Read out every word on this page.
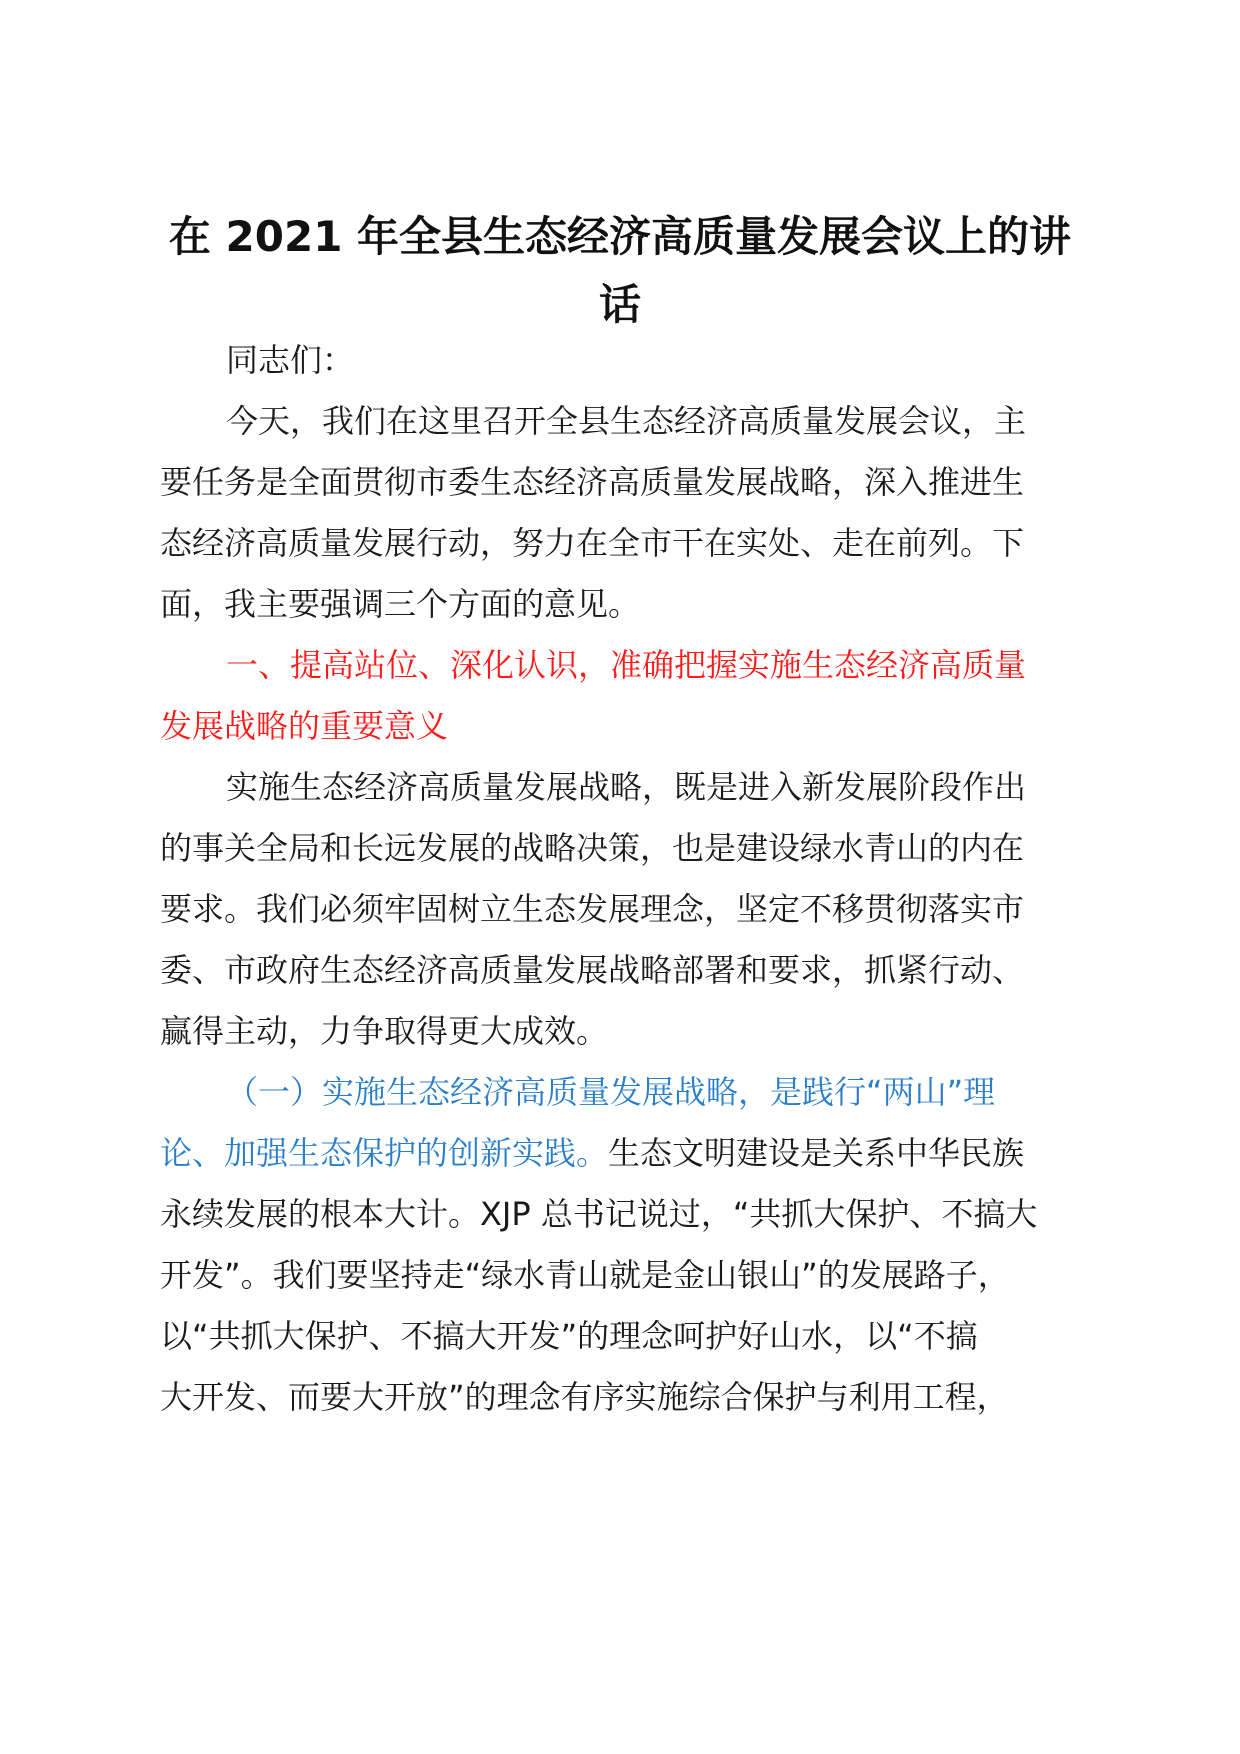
在 2021 年全县生态经济高质量发展会议上的讲话

同志们：

今天，我们在这里召开全县生态经济高质量发展会议，主

要任务是全面贯彻市委生态经济高质量发展战略，深入推进生

态经济高质量发展行动，努力在全市干在实处、走在前列。下

面，我主要强调三个方面的意见。

一、提高站位、深化认识，准确把握实施生态经济高质量

发展战略的重要意义

实施生态经济高质量发展战略，既是进入新发展阶段作出

的事关全局和长远发展的战略决策，也是建设绿水青山的内在

要求。我们必须牢固树立生态发展理念，坚定不移贯彻落实市

委、市政府生态经济高质量发展战略部署和要求，抓紧行动、

赢得主动，力争取得更大成效。

（一）实施生态经济高质量发展战略，是践行“两山”理

论、加强生态保护的创新实践。生态文明建设是关系中华民族

永续发展的根本大计。XJP 总书记说过，“共抓大保护、不搞大

开发”。我们要坚持走“绿水青山就是金山银山”的发展路子，

以“共抓大保护、不搞大开发”的理念呵护好山水，以“不搞

大开发、而要大开放”的理念有序实施综合保护与利用工程，
